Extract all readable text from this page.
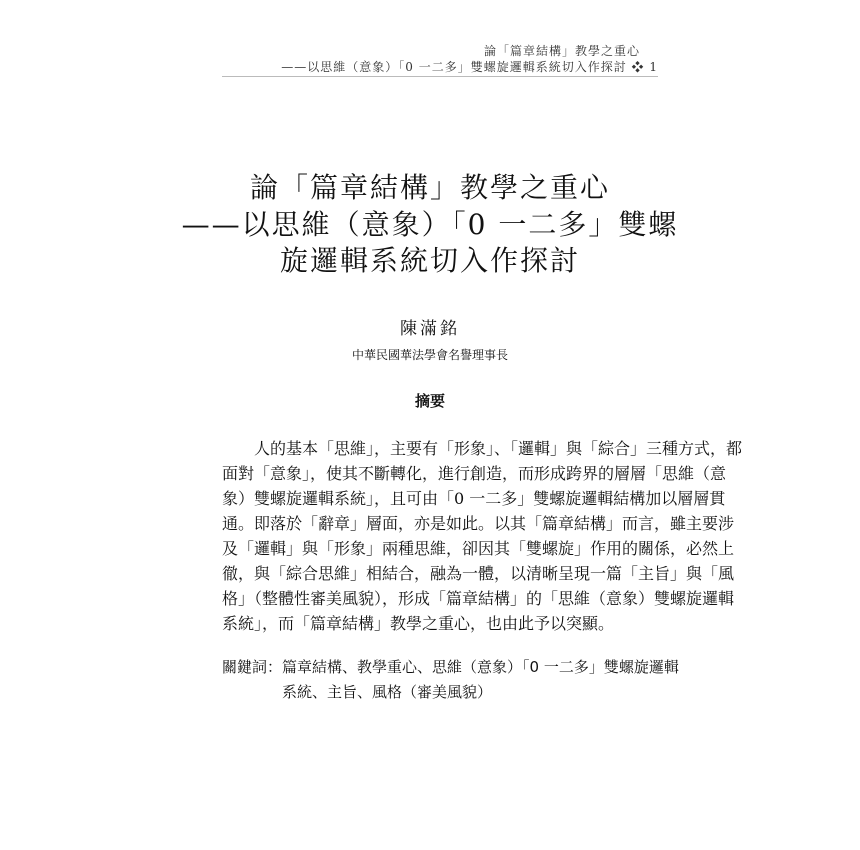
論「篇章結構」教學之重心
——以思維（意象）「0 一二多」雙螺旋邏輯系統切入作探討 ❖ 1
論「篇章結構」教學之重心
——以思維（意象）「0 一二多」雙螺
旋邏輯系統切入作探討
陳滿銘
中華民國華法學會名譽理事長
摘要
人的基本「思維」，主要有「形象」、「邏輯」與「綜合」三種方式，都
面對「意象」，使其不斷轉化，進行創造，而形成跨界的層層「思維（意
象）雙螺旋邏輯系統」，且可由「0 一二多」雙螺旋邏輯結構加以層層貫
通。即落於「辭章」層面，亦是如此。以其「篇章結構」而言，雖主要涉
及「邏輯」與「形象」兩種思維，卻因其「雙螺旋」作用的關係，必然上
徹，與「綜合思維」相結合，融為一體，以清晰呈現一篇「主旨」與「風
格」（整體性審美風貌），形成「篇章結構」的「思維（意象）雙螺旋邏輯
系統」，而「篇章結構」教學之重心，也由此予以突顯。
關鍵詞：篇章結構、教學重心、思維（意象）「0 一二多」雙螺旋邏輯
系統、主旨、風格（審美風貌）
